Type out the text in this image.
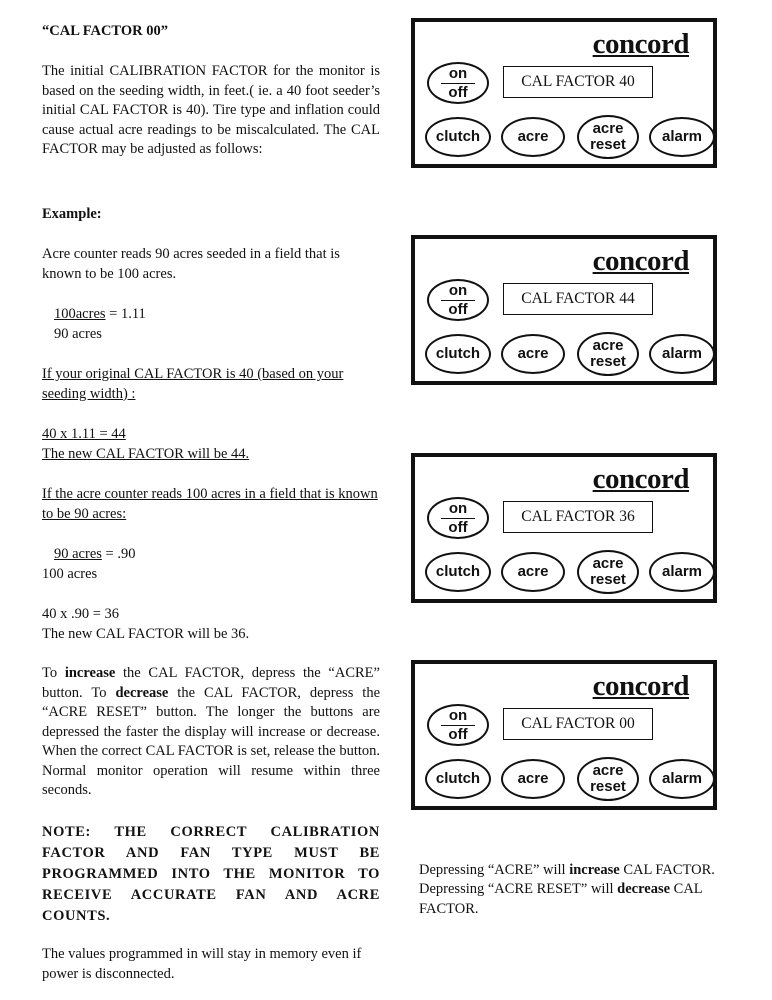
“CAL FACTOR 00”

The initial CALIBRATION FACTOR for the monitor is based on the seeding width, in feet.( ie. a 40 foot seeder’s initial CAL FACTOR is 40). Tire type and inflation could cause actual acre readings to be miscalculated. The CAL FACTOR may be adjusted as follows:

Example:

Acre counter reads 90 acres seeded in a field that is known to be 100 acres.

100acres = 1.11

90 acres

If your original CAL FACTOR is 40 (based on your seeding width) :

40 x 1.11 = 44

The new CAL FACTOR will be 44.

If the acre counter reads 100 acres in a field that is known to be 90 acres:

90 acres = .90

100 acres

40 x .90 = 36

The new CAL FACTOR will be 36.

To increase the CAL FACTOR, depress the “ACRE” button. To decrease the CAL FACTOR, depress the “ACRE RESET” button. The longer the buttons are depressed the faster the display will increase or decrease. When the correct CAL FACTOR is set, release the button. Normal monitor operation will resume within three seconds.

NOTE: THE CORRECT CALIBRATION FACTOR AND FAN TYPE MUST BE PROGRAMMED INTO THE MONITOR TO RECEIVE ACCURATE FAN AND ACRE COUNTS.

The values programmed in will stay in memory even if power is disconnected.

concord
on
off
CAL FACTOR 40
clutch	acre	acre
reset	alarm
concord
on
off
CAL FACTOR 44
clutch	acre	acre
reset	alarm
concord
on
off
CAL FACTOR 36
clutch	acre	acre
reset	alarm
concord
on
off
CAL FACTOR 00
clutch	acre	acre
reset	alarm

Depressing “ACRE” will increase CAL FACTOR. Depressing “ACRE RESET” will decrease CAL FACTOR.
